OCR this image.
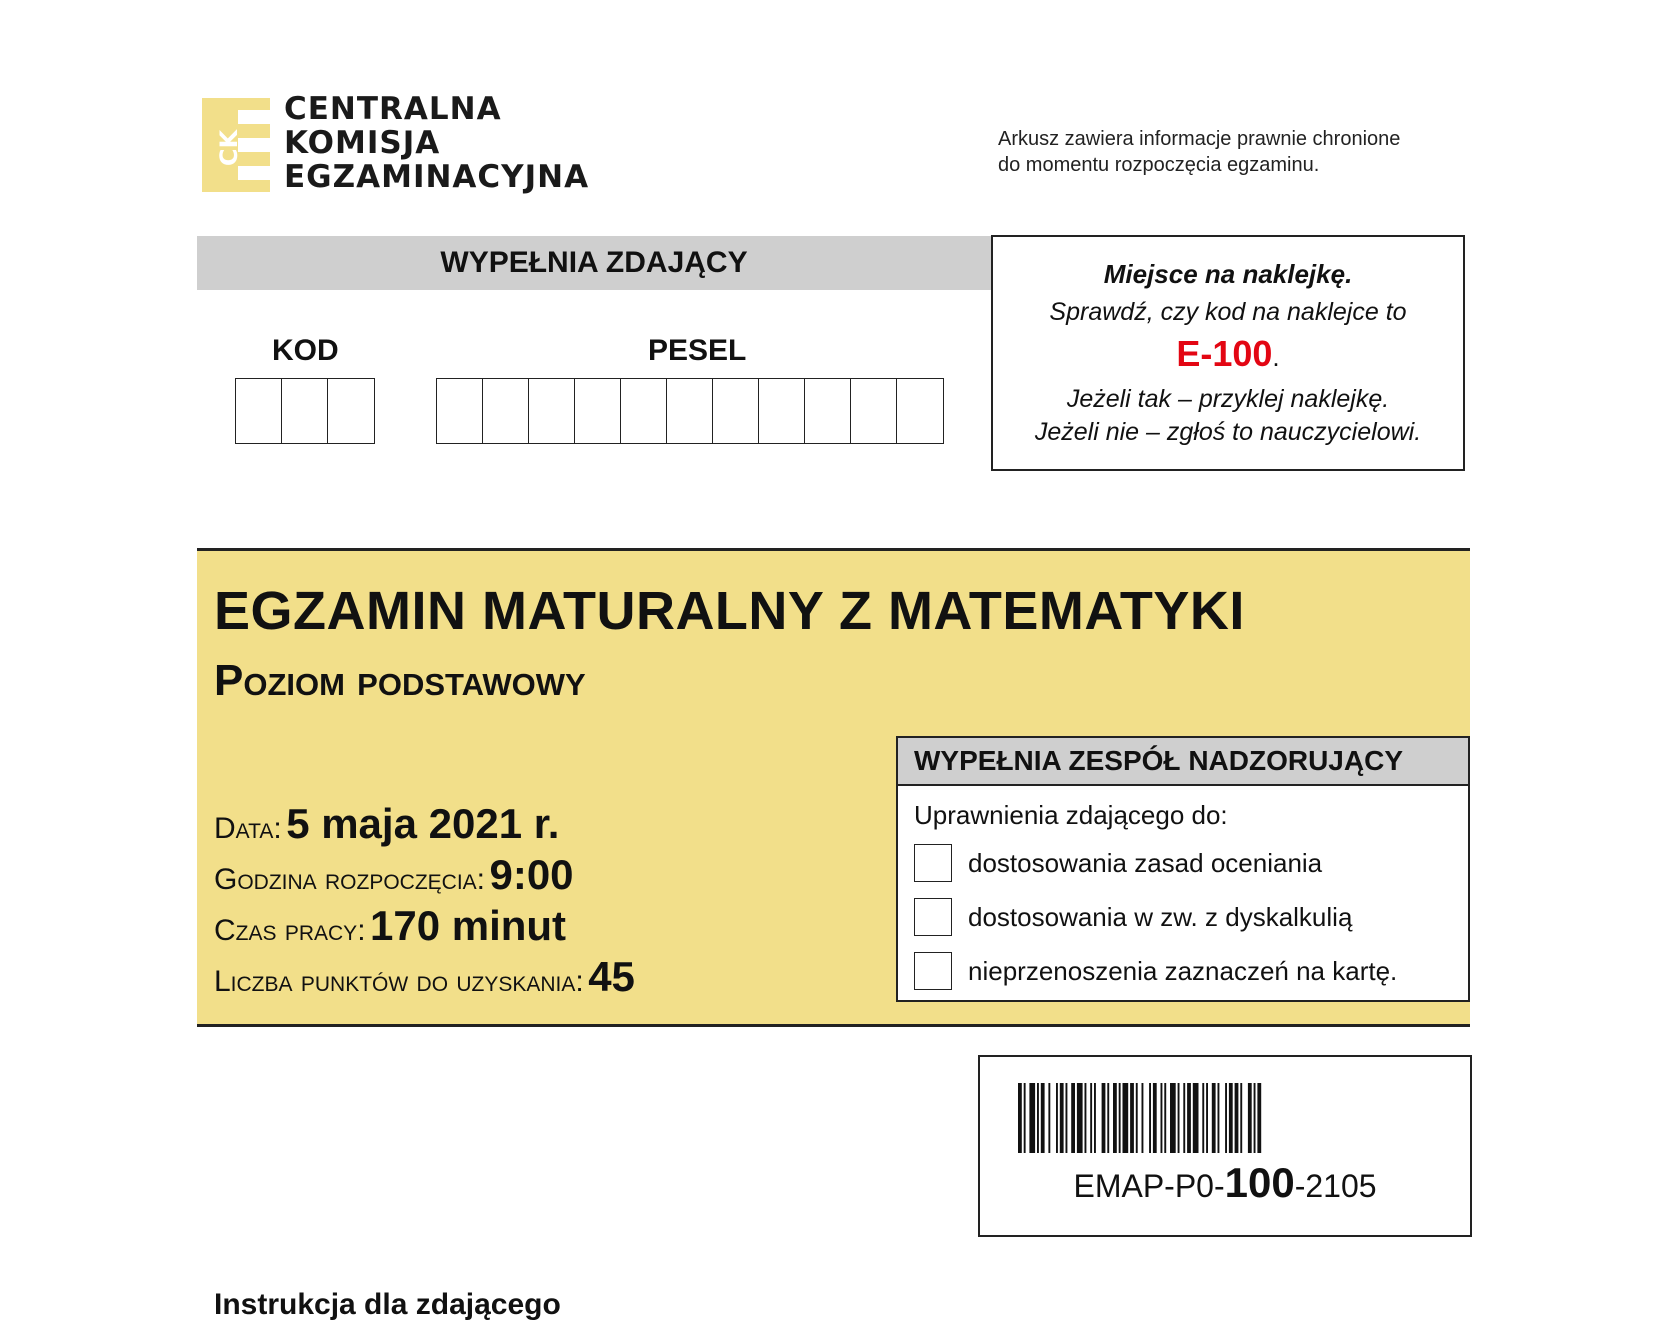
CK
CENTRALNA
KOMISJA
EGZAMINACYJNA
Arkusz zawiera informacje prawnie chronione
do momentu rozpoczęcia egzaminu.
WYPEŁNIA ZDAJĄCY
KOD	PESEL
Miejsce na naklejkę.
Sprawdź, czy kod na naklejce to
E-100.
Jeżeli tak – przyklej naklejkę.
Jeżeli nie – zgłoś to nauczycielowi.
EGZAMIN MATURALNY Z MATEMATYKI
Poziom podstawowy
Data: 5 maja 2021 r.
Godzina rozpoczęcia: 9:00
Czas pracy: 170 minut
Liczba punktów do uzyskania: 45
WYPEŁNIA ZESPÓŁ NADZORUJĄCY
Uprawnienia zdającego do:
dostosowania zasad oceniania
dostosowania w zw. z dyskalkulią
nieprzenoszenia zaznaczeń na kartę.
EMAP-P0-100-2105
Instrukcja dla zdającego
